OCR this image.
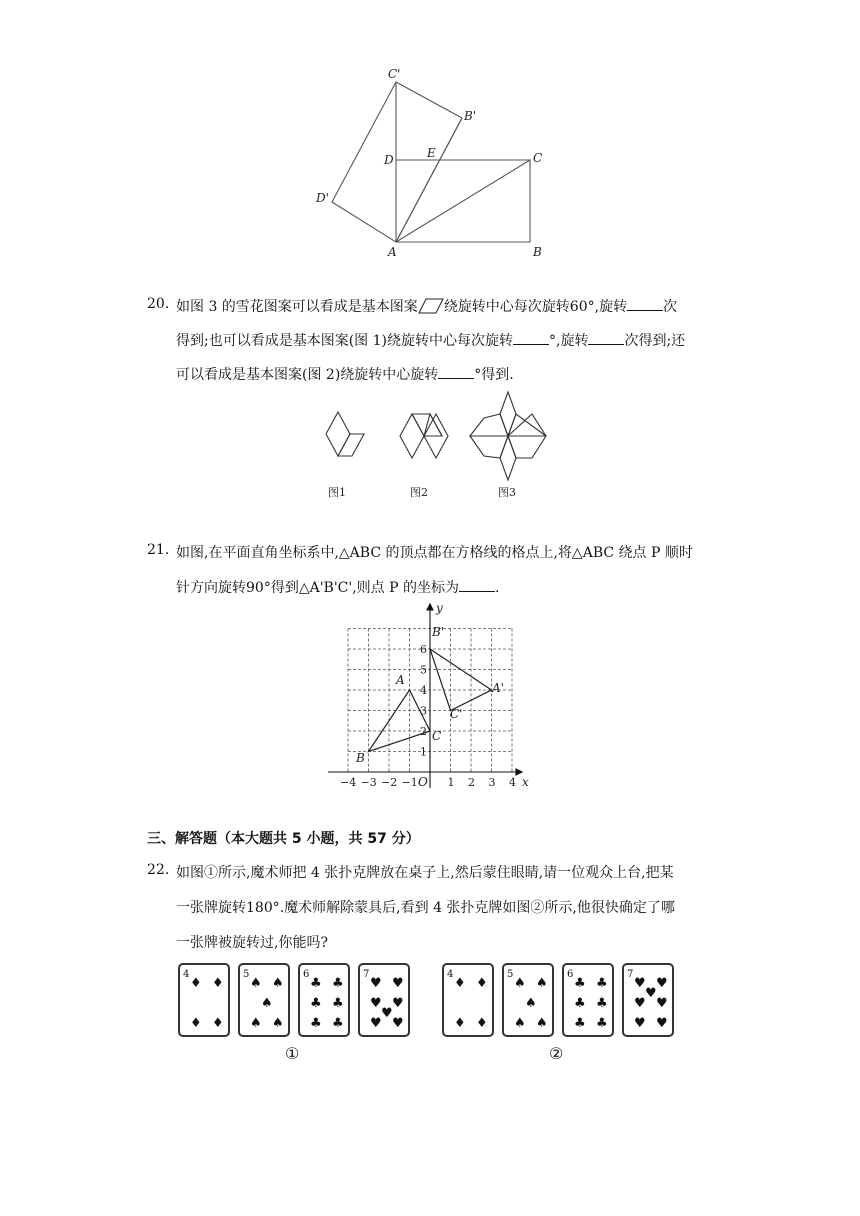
C'
B'
D	E	C
D'
A	B
20. 如图 3 的雪花图案可以看成是基本图案 绕旋转中心每次旋转60°,旋转	次
得到;也可以看成是基本图案(图 1)绕旋转中心每次旋转	°,旋转	次得到;还
可以看成是基本图案(图 2)绕旋转中心旋转	°得到.
图1	图2	图3
21. 如图,在平面直角坐标系中,△ABC 的顶点都在方格线的格点上,将△ABC 绕点 P 顺时
针方向旋转90°得到△A'B'C',则点 P 的坐标为	.
−4 −3 −2 −1	1 2 3 4
1
2
3
4
5
6
y
x
O
A
B
C
A'
B'
C'
三、解答题（本大题共 5 小题，共 57 分）
22. 如图①所示,魔术师把 4 张扑克牌放在桌子上,然后蒙住眼睛,请一位观众上台,把某
一张牌旋转180°.魔术师解除蒙具后,看到 4 张扑克牌如图②所示,他很快确定了哪
一张牌被旋转过,你能吗?
4
♦ ♦
♦ ♦
5
♠ ♠
♠
♠ ♠
6
♣ ♣
♣ ♣
♣ ♣
7
♥ ♥
♥ ♥
♥
♥ ♥
①
4
♦ ♦
♦ ♦
5
♠ ♠
♠
♠ ♠
6
♣ ♣
♣ ♣
♣ ♣
7
♥ ♥
♥
♥ ♥
♥ ♥
②
